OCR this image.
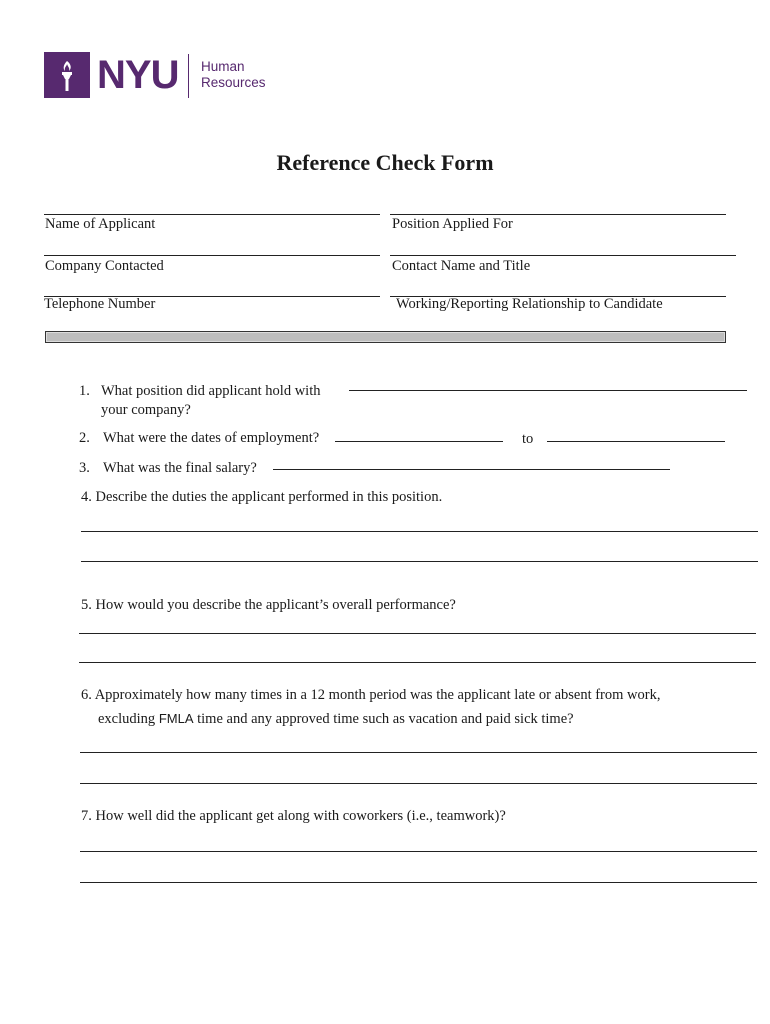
NYU Human
Resources
Reference Check Form
Name of Applicant	Position Applied For
Company Contacted	Contact Name and Title
Telephone Number	Working/Reporting Relationship to Candidate
1. What position did applicant hold with
your company?
2. What were the dates of employment?	to
3. What was the final salary?
4. Describe the duties the applicant performed in this position.
5. How would you describe the applicant’s overall performance?
6. Approximately how many times in a 12 month period was the applicant late or absent from work,
excluding FMLA time and any approved time such as vacation and paid sick time?
7. How well did the applicant get along with coworkers (i.e., teamwork)?
